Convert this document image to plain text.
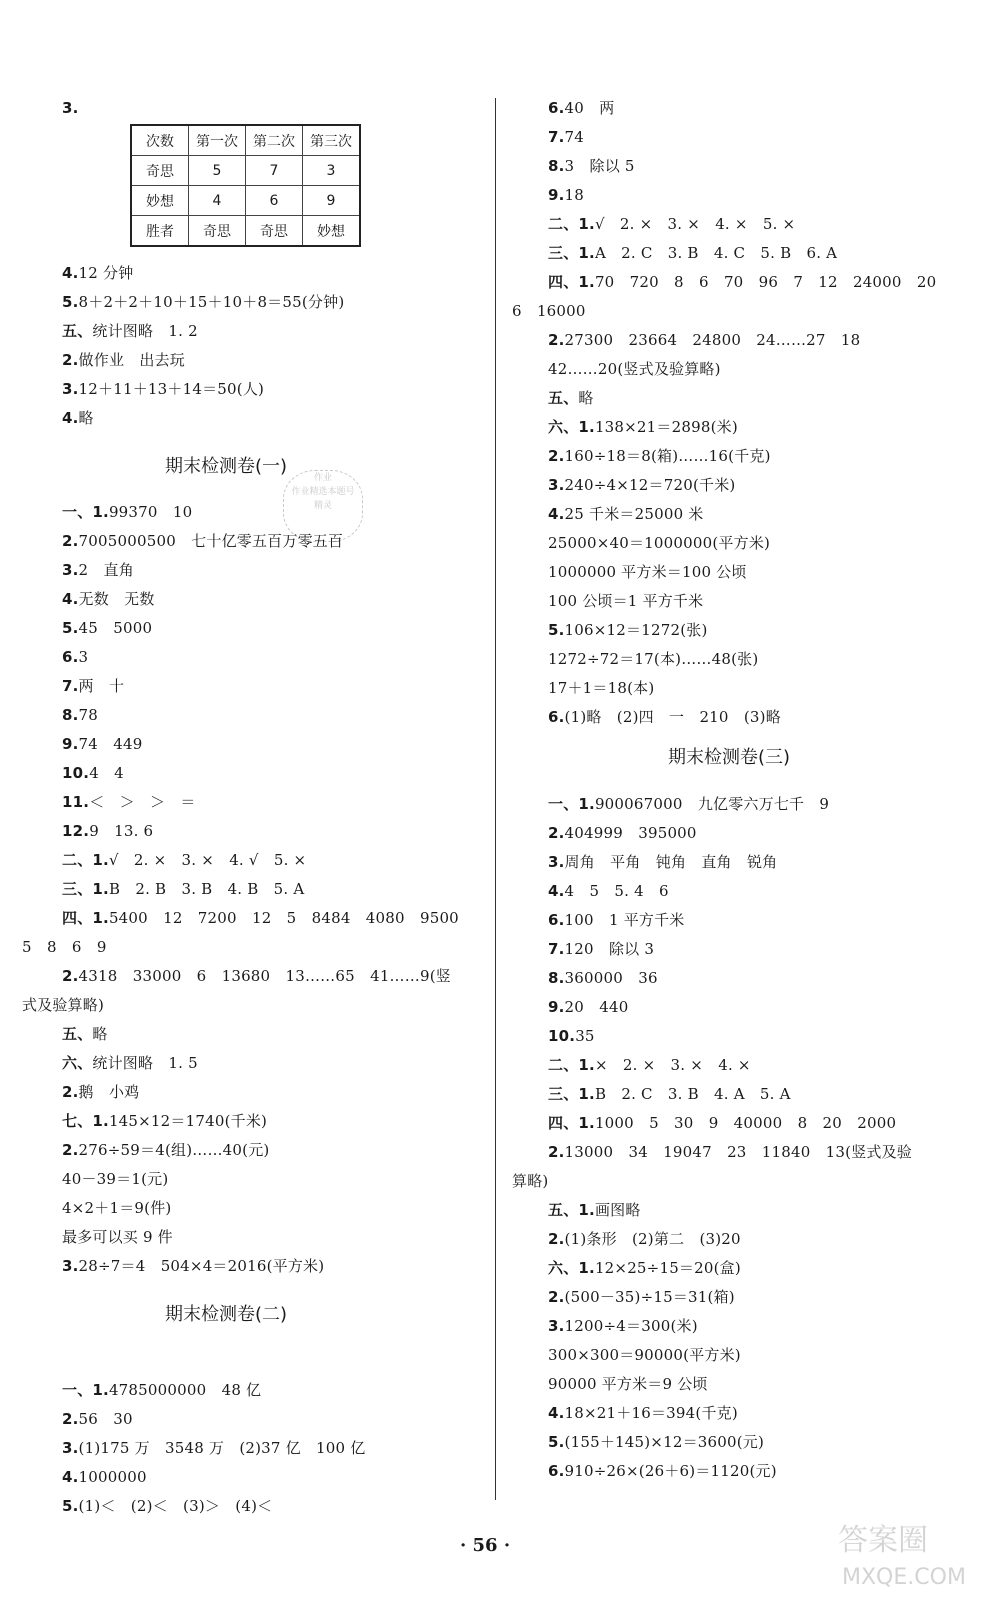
次数	第一次	第二次	第三次
奇思	5	7	3
妙想	4	6	9
胜者	奇思	奇思	妙想
期末检测卷(一)
期末检测卷(二)
期末检测卷(三)
作业
作业精选本题号
精灵
· 56 ·	答案圈
MXQE.COM
3.
4.12 分钟
5.8＋2＋2＋10＋15＋10＋8＝55(分钟)
五、统计图略　1. 2
2.做作业　出去玩
3.12＋11＋13＋14＝50(人)
4.略
一、1.99370　10
2.7005000500　七十亿零五百万零五百
3.2　直角
4.无数　无数
5.45　5000
6.3
7.两　十
8.78
9.74　449
10.4　4
11.＜　＞　＞　＝
12.9　13. 6
二、1.√　2. ×　3. ×　4. √　5. ×
三、1.B　2. B　3. B　4. B　5. A
四、1.5400　12　7200　12　5　8484　4080　9500
5　8　6　9
2.4318　33000　6　13680　13……65　41……9(竖
式及验算略)
五、略
六、统计图略　1. 5
2.鹅　小鸡
七、1.145×12＝1740(千米)
2.276÷59＝4(组)……40(元)
40－39＝1(元)
4×2＋1＝9(件)
最多可以买 9 件
3.28÷7＝4　504×4＝2016(平方米)
一、1.4785000000　48 亿
2.56　30
3.(1)175 万　3548 万　(2)37 亿　100 亿
4.1000000
5.(1)＜　(2)＜　(3)＞　(4)＜
6.40　两
7.74
8.3　除以 5
9.18
二、1.√　2. ×　3. ×　4. ×　5. ×
三、1.A　2. C　3. B　4. C　5. B　6. A
四、1.70　720　8　6　70　96　7　12　24000　20
6　16000
2.27300　23664　24800　24……27　18
42……20(竖式及验算略)
五、略
六、1.138×21＝2898(米)
2.160÷18＝8(箱)……16(千克)
3.240÷4×12＝720(千米)
4.25 千米＝25000 米
25000×40＝1000000(平方米)
1000000 平方米＝100 公顷
100 公顷＝1 平方千米
5.106×12＝1272(张)
1272÷72＝17(本)……48(张)
17＋1＝18(本)
6.(1)略　(2)四　一　210　(3)略
一、1.900067000　九亿零六万七千　9
2.404999　395000
3.周角　平角　钝角　直角　锐角
4.4　5　5. 4　6
6.100　1 平方千米
7.120　除以 3
8.360000　36
9.20　440
10.35
二、1.×　2. ×　3. ×　4. ×
三、1.B　2. C　3. B　4. A　5. A
四、1.1000　5　30　9　40000　8　20　2000
2.13000　34　19047　23　11840　13(竖式及验
算略)
五、1.画图略
2.(1)条形　(2)第二　(3)20
六、1.12×25÷15＝20(盒)
2.(500－35)÷15＝31(箱)
3.1200÷4＝300(米)
300×300＝90000(平方米)
90000 平方米＝9 公顷
4.18×21＋16＝394(千克)
5.(155＋145)×12＝3600(元)
6.910÷26×(26＋6)＝1120(元)
